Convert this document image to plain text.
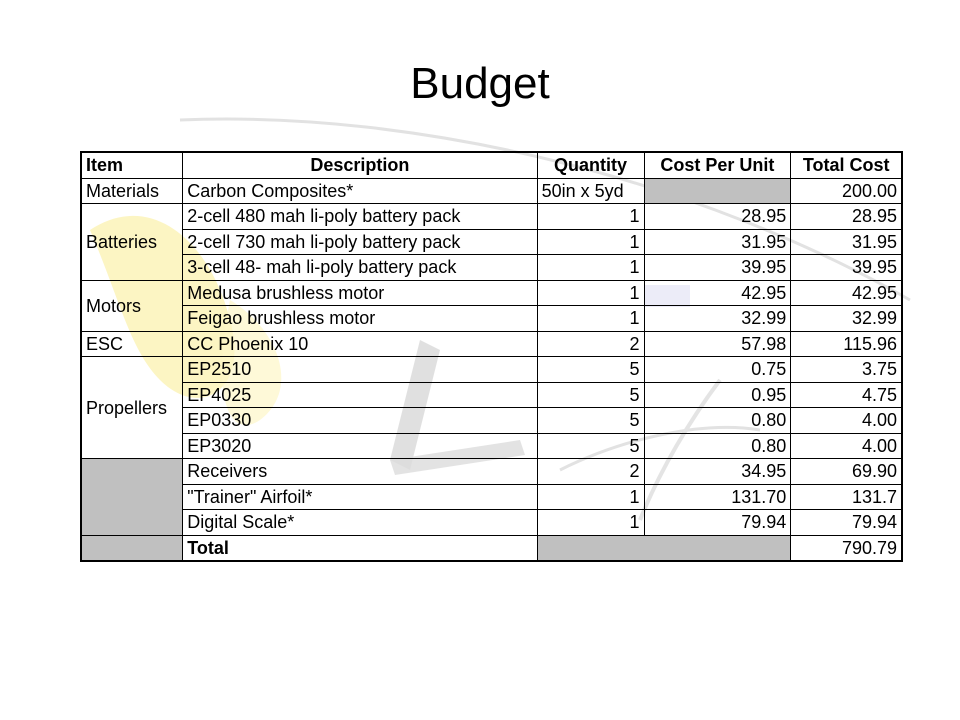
Budget
Item	Description	Quantity	Cost Per Unit	Total Cost
Materials	Carbon Composites*	50in x 5yd		200.00
Batteries	2-cell 480 mah li-poly battery pack	1	28.95	28.95
	2-cell 730 mah li-poly battery pack	1	31.95	31.95
	3-cell 48- mah li-poly battery pack	1	39.95	39.95
Motors	Medusa brushless motor	1	42.95	42.95
	Feigao brushless motor	1	32.99	32.99
ESC	CC Phoenix 10	2	57.98	115.96
Propellers	EP2510	5	0.75	3.75
	EP4025	5	0.95	4.75
	EP0330	5	0.80	4.00
	EP3020	5	0.80	4.00
	Receivers	2	34.95	69.90
	"Trainer" Airfoil*	1	131.70	131.7
	Digital Scale*	1	79.94	79.94
	Total			790.79
